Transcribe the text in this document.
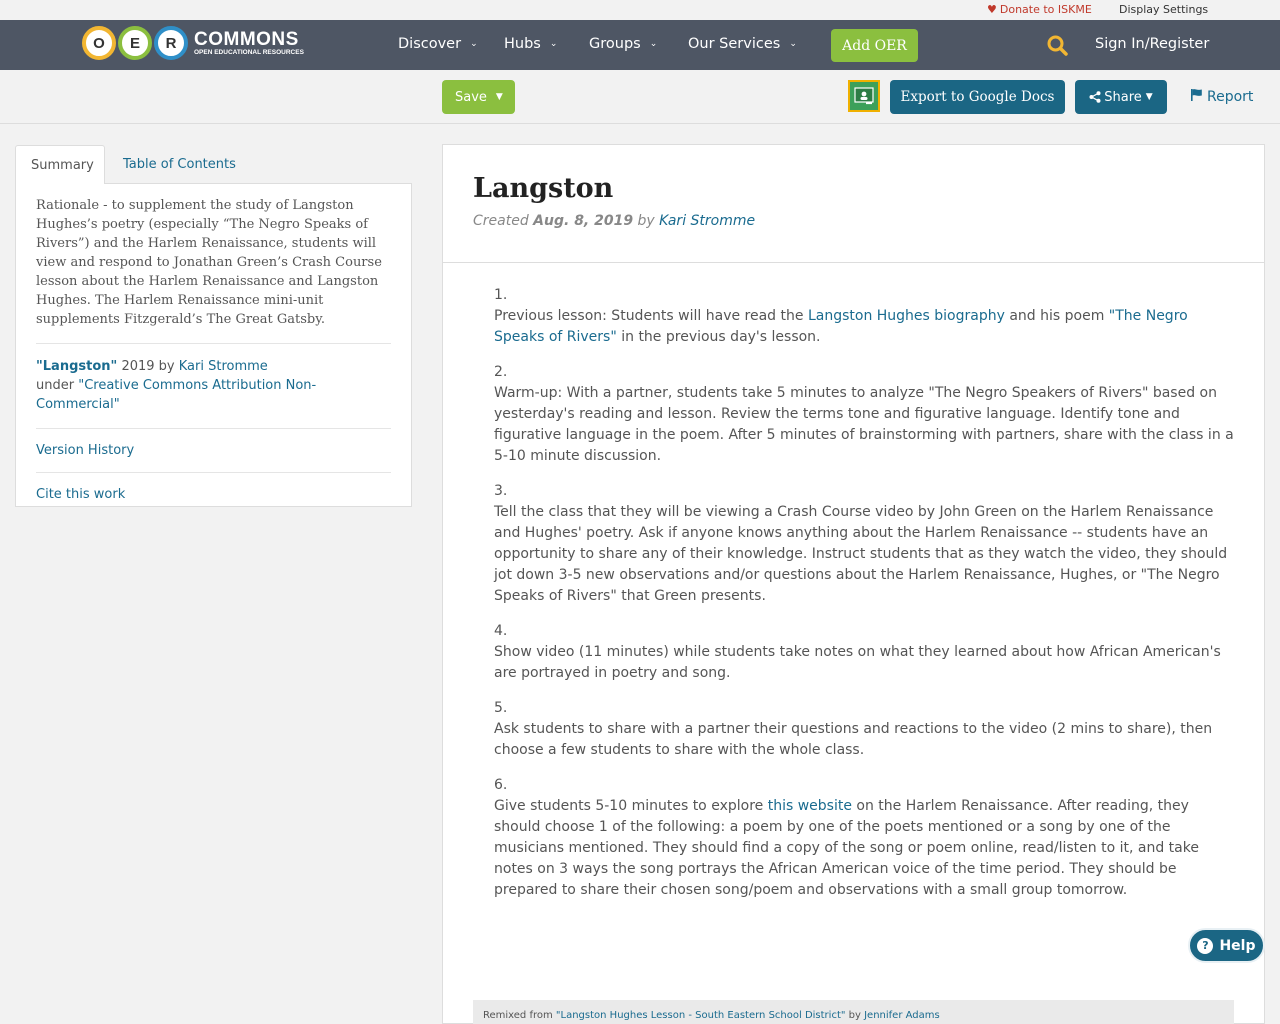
♥ Donate to ISKME Display Settings
O	E	R COMMONS
OPEN EDUCATIONAL RESOURCES
Discover ⌄ Hubs ⌄ Groups ⌄ Our Services ⌄	Add OER	Sign In/Register
Save ▼	Export to Google Docs	Share ▼	Report
Summary	Table of Contents

Rationale - to supplement the study of Langston Hughes’s poetry (especially “The Negro Speaks of Rivers”) and the Harlem Renaissance, students will view and respond to Jonathan Green’s Crash Course lesson about the Harlem Renaissance and Langston Hughes. The Harlem Renaissance mini-unit supplements Fitzgerald’s The Great Gatsby.

"Langston" 2019 by Kari Stromme
under "Creative Commons Attribution Non-Commercial"
Version History
Cite this work
Langston
Created Aug. 8, 2019 by Kari Stromme
1.
Previous lesson: Students will have read the Langston Hughes biography and his poem "The Negro Speaks of Rivers" in the previous day's lesson.
2.
Warm-up: With a partner, students take 5 minutes to analyze "The Negro Speakers of Rivers" based on yesterday's reading and lesson. Review the terms tone and figurative language. Identify tone and figurative language in the poem. After 5 minutes of brainstorming with partners, share with the class in a 5-10 minute discussion.
3.
Tell the class that they will be viewing a Crash Course video by John Green on the Harlem Renaissance and Hughes' poetry. Ask if anyone knows anything about the Harlem Renaissance -- students have an opportunity to share any of their knowledge. Instruct students that as they watch the video, they should jot down 3-5 new observations and/or questions about the Harlem Renaissance, Hughes, or "The Negro Speaks of Rivers" that Green presents.
4.
Show video (11 minutes) while students take notes on what they learned about how African American's are portrayed in poetry and song.
5.
Ask students to share with a partner their questions and reactions to the video (2 mins to share), then choose a few students to share with the whole class.
6.
Give students 5-10 minutes to explore this website on the Harlem Renaissance. After reading, they should choose 1 of the following: a poem by one of the poets mentioned or a song by one of the musicians mentioned. They should find a copy of the song or poem online, read/listen to it, and take notes on 3 ways the song portrays the African American voice of the time period. They should be prepared to share their chosen song/poem and observations with a small group tomorrow.
Remixed from "Langston Hughes Lesson - South Eastern School District" by Jennifer Adams
? Help
